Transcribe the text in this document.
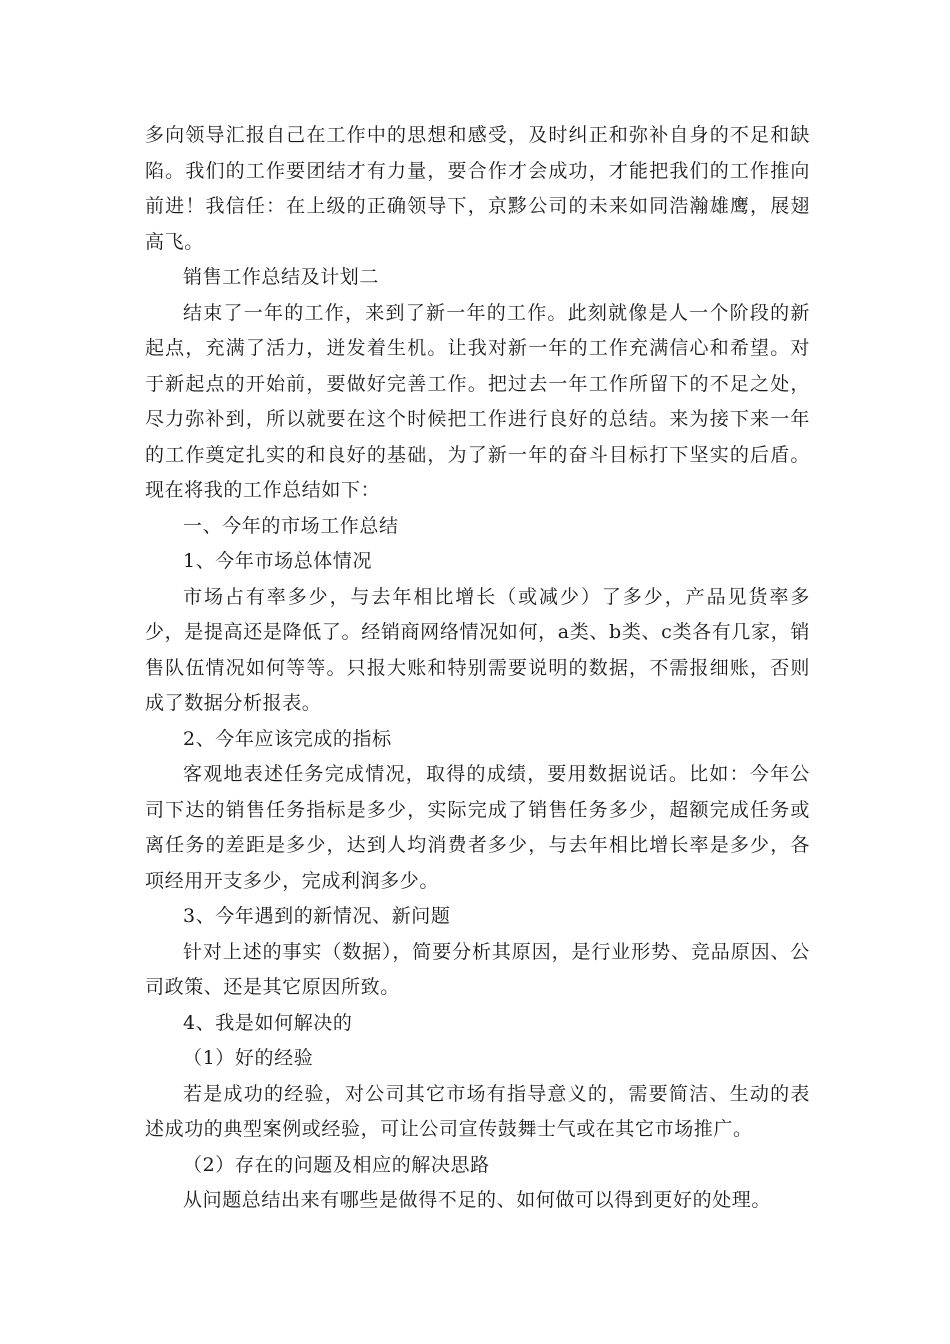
多向领导汇报自己在工作中的思想和感受，及时纠正和弥补自身的不足和缺陷。我们的工作要团结才有力量，要合作才会成功，才能把我们的工作推向前进！我信任：在上级的正确领导下，京黟公司的未来如同浩瀚雄鹰，展翅高飞。

销售工作总结及计划二

结束了一年的工作，来到了新一年的工作。此刻就像是人一个阶段的新起点，充满了活力，迸发着生机。让我对新一年的工作充满信心和希望。对于新起点的开始前，要做好完善工作。把过去一年工作所留下的不足之处，尽力弥补到，所以就要在这个时候把工作进行良好的总结。来为接下来一年的工作奠定扎实的和良好的基础，为了新一年的奋斗目标打下坚实的后盾。现在将我的工作总结如下：

一、今年的市场工作总结

1、今年市场总体情况

市场占有率多少，与去年相比增长（或减少）了多少，产品见货率多少，是提高还是降低了。经销商网络情况如何，a类、b类、c类各有几家，销售队伍情况如何等等。只报大账和特别需要说明的数据，不需报细账，否则成了数据分析报表。

2、今年应该完成的指标

客观地表述任务完成情况，取得的成绩，要用数据说话。比如：今年公司下达的销售任务指标是多少，实际完成了销售任务多少，超额完成任务或离任务的差距是多少，达到人均消费者多少，与去年相比增长率是多少，各项经用开支多少，完成利润多少。

3、今年遇到的新情况、新问题

针对上述的事实（数据），简要分析其原因，是行业形势、竞品原因、公司政策、还是其它原因所致。

4、我是如何解决的

（1）好的经验

若是成功的经验，对公司其它市场有指导意义的，需要简洁、生动的表述成功的典型案例或经验，可让公司宣传鼓舞士气或在其它市场推广。

（2）存在的问题及相应的解决思路

从问题总结出来有哪些是做得不足的、如何做可以得到更好的处理。
